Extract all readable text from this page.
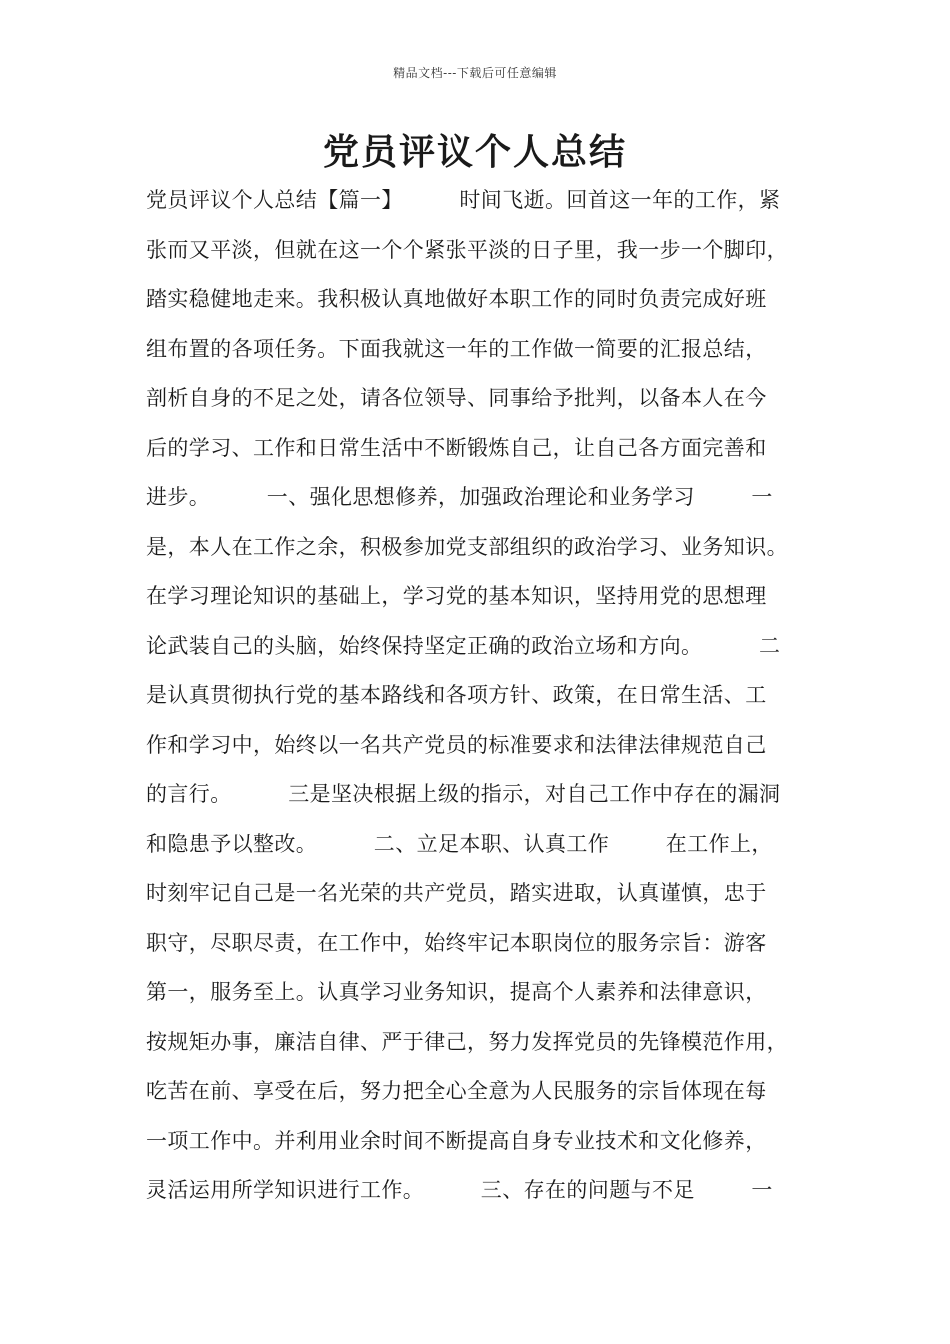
精品文档---下载后可任意编辑
党员评议个人总结
党员评议个人总结【篇一】        时间飞逝。回首这一年的工作，紧
张而又平淡，但就在这一个个紧张平淡的日子里，我一步一个脚印，
踏实稳健地走来。我积极认真地做好本职工作的同时负责完成好班
组布置的各项任务。下面我就这一年的工作做一简要的汇报总结，
剖析自身的不足之处，请各位领导、同事给予批判，以备本人在今
后的学习、工作和日常生活中不断锻炼自己，让自己各方面完善和
进步。        一、强化思想修养，加强政治理论和业务学习        一
是，本人在工作之余，积极参加党支部组织的政治学习、业务知识。
在学习理论知识的基础上，学习党的基本知识，坚持用党的思想理
论武装自己的头脑，始终保持坚定正确的政治立场和方向。        二
是认真贯彻执行党的基本路线和各项方针、政策，在日常生活、工
作和学习中，始终以一名共产党员的标准要求和法律法律规范自己
的言行。        三是坚决根据上级的指示，对自己工作中存在的漏洞
和隐患予以整改。        二、立足本职、认真工作        在工作上，
时刻牢记自己是一名光荣的共产党员，踏实进取，认真谨慎，忠于
职守，尽职尽责，在工作中，始终牢记本职岗位的服务宗旨：游客
第一，服务至上。认真学习业务知识，提高个人素养和法律意识，
按规矩办事，廉洁自律、严于律己，努力发挥党员的先锋模范作用，
吃苦在前、享受在后，努力把全心全意为人民服务的宗旨体现在每
一项工作中。并利用业余时间不断提高自身专业技术和文化修养，
灵活运用所学知识进行工作。        三、存在的问题与不足        一
